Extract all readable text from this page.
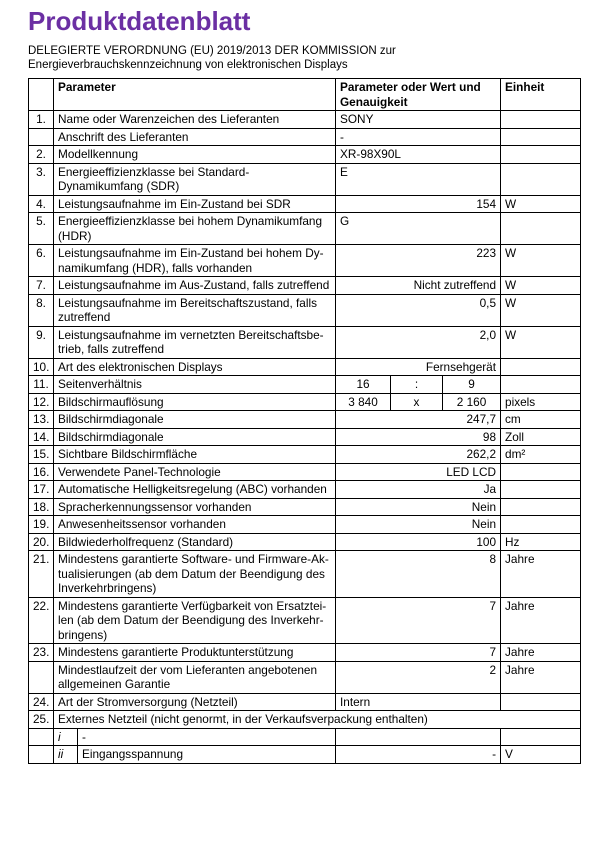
Produktdatenblatt
DELEGIERTE VERORDNUNG (EU) 2019/2013 DER KOMMISSION zur
Energieverbrauchskennzeichnung von elektronischen Displays
	Parameter		Parameter oder Wert und Genauigkeit			Einheit
1.	Name oder Warenzeichen des Lieferanten		SONY			
	Anschrift des Lieferanten		-			
2.	Modellkennung		XR-98X90L			
3.	Energieeffizienzklasse bei Standard-Dynamikumfang (SDR)		E			
4.	Leistungsaufnahme im Ein-Zustand bei SDR		154			W
5.	Energieeffizienzklasse bei hohem Dynamikumfang (HDR)		G			
6.	Leistungsaufnahme im Ein-Zustand bei hohem Dy-namikumfang (HDR), falls vorhanden		223			W
7.	Leistungsaufnahme im Aus-Zustand, falls zutreffend		Nicht zutreffend			W
8.	Leistungsaufnahme im Bereitschaftszustand, falls zutreffend		0,5			W
9.	Leistungsaufnahme im vernetzten Bereitschaftsbe-trieb, falls zutreffend		2,0			W
10.	Art des elektronischen Displays		Fernsehgerät			
11.	Seitenverhältnis		16	:	9	
12.	Bildschirmauflösung		3 840	x	2 160	pixels
13.	Bildschirmdiagonale		247,7			cm
14.	Bildschirmdiagonale		98			Zoll
15.	Sichtbare Bildschirmfläche		262,2			dm²
16.	Verwendete Panel-Technologie		LED LCD			
17.	Automatische Helligkeitsregelung (ABC) vorhanden		Ja			
18.	Spracherkennungssensor vorhanden		Nein			
19.	Anwesenheitssensor vorhanden		Nein			
20.	Bildwiederholfrequenz (Standard)		100			Hz
21.	Mindestens garantierte Software- und Firmware-Ak-tualisierungen (ab dem Datum der Beendigung des Inverkehrbringens)		8			Jahre
22.	Mindestens garantierte Verfügbarkeit von Ersatztei-len (ab dem Datum der Beendigung des Inverkehr-bringens)		7			Jahre
23.	Mindestens garantierte Produktunterstützung		7			Jahre
	Mindestlaufzeit der vom Lieferanten angebotenen allgemeinen Garantie		2			Jahre
24.	Art der Stromversorgung (Netzteil)		Intern			
25.	Externes Netzteil (nicht genormt, in der Verkaufsverpackung enthalten)					
	i	-				
	ii	Eingangsspannung	-			V
